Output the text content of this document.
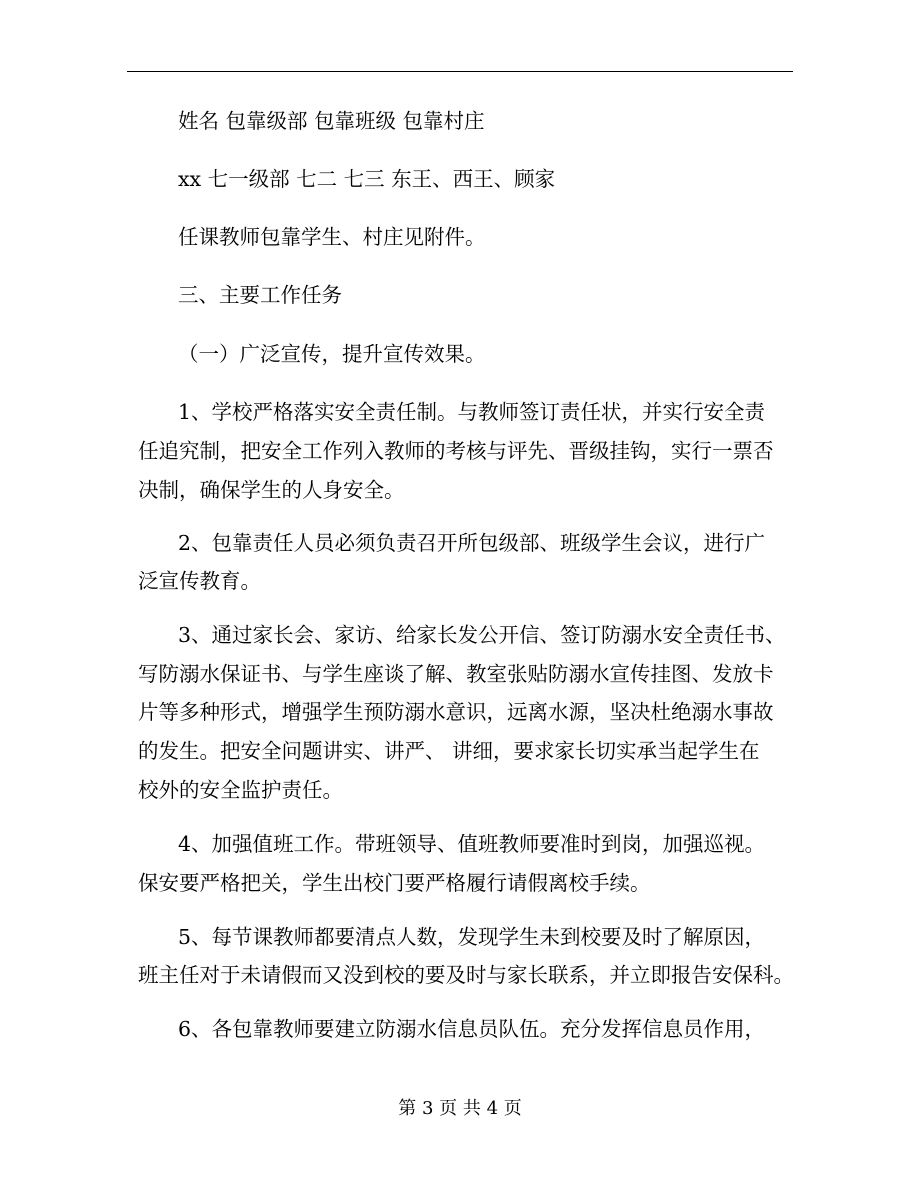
姓名 包靠级部 包靠班级 包靠村庄
xx 七一级部 七二 七三 东王、西王、顾家
任课教师包靠学生、村庄见附件。
三、主要工作任务
（一）广泛宣传，提升宣传效果。
1、学校严格落实安全责任制。与教师签订责任状，并实行安全责
任追究制，把安全工作列入教师的考核与评先、晋级挂钩，实行一票否
决制，确保学生的人身安全。
2、包靠责任人员必须负责召开所包级部、班级学生会议，进行广
泛宣传教育。
3、通过家长会、家访、给家长发公开信、签订防溺水安全责任书、
写防溺水保证书、与学生座谈了解、教室张贴防溺水宣传挂图、发放卡
片等多种形式，增强学生预防溺水意识，远离水源，坚决杜绝溺水事故
的发生。把安全问题讲实、讲严、 讲细，要求家长切实承当起学生在
校外的安全监护责任。
4、加强值班工作。带班领导、值班教师要准时到岗，加强巡视。
保安要严格把关，学生出校门要严格履行请假离校手续。
5、每节课教师都要清点人数，发现学生未到校要及时了解原因，
班主任对于未请假而又没到校的要及时与家长联系，并立即报告安保科。
6、各包靠教师要建立防溺水信息员队伍。充分发挥信息员作用，
第 3 页 共 4 页
